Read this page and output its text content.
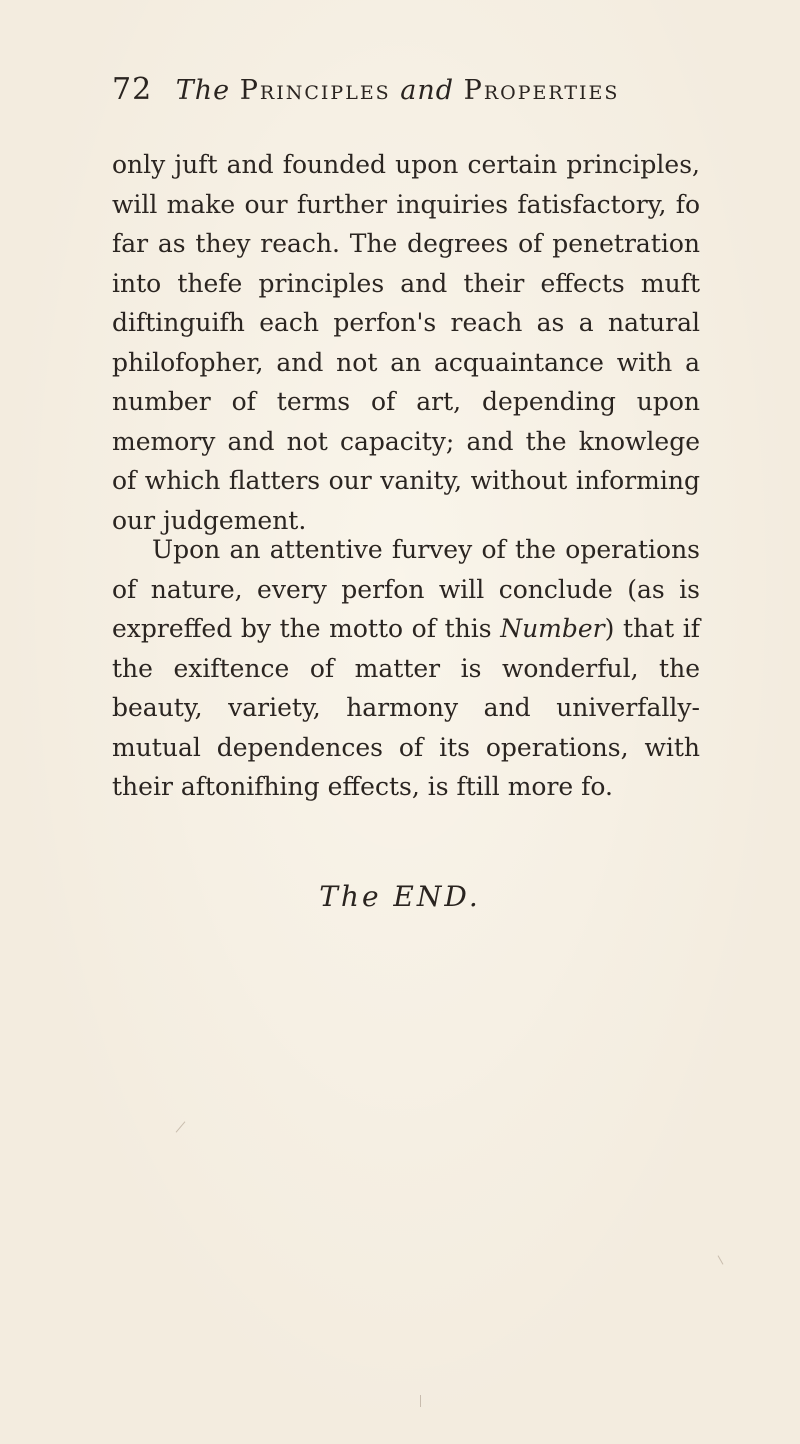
72 The Principles and Properties

only juft and founded upon certain principles, will make our further inquiries fatisfactory, fo far as they reach. The degrees of penetration into thefe principles and their effects muft diftinguifh each perfon's reach as a natural philofopher, and not an acquaintance with a number of terms of art, depending upon memory and not capacity; and the knowlege of which flatters our vanity, without informing our judgement.

Upon an attentive furvey of the operations of nature, every perfon will conclude (as is expreffed by the motto of this Number) that if the exiftence of matter is wonderful, the beauty, variety, harmony and univerfally-mutual dependences of its operations, with their aftonifhing effects, is ftill more fo.

The END.
